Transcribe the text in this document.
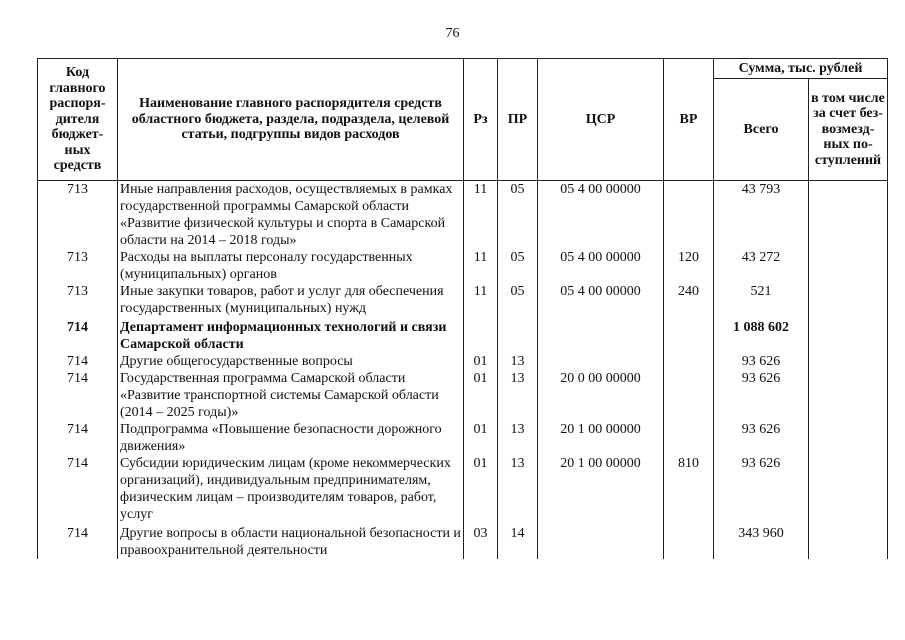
76
Код главного распоря-дителя бюджет-ных средств	Наименование главного распорядителя средств областного бюджета, раздела, подраздела, целевой статьи, подгруппы видов расходов	Рз	ПР	ЦСР	ВР	Сумма, тыс. рублей	
						Всего	в том числе за счет без-возмезд-ных по-ступлений
713	Иные направления расходов, осуществляемых в рамках государственной программы Самарской области «Развитие физической культуры и спорта в Самарской области на 2014 – 2018 годы»	11	05	05 4 00 00000		43 793	
713	Расходы на выплаты персоналу государственных (муниципальных) органов	11	05	05 4 00 00000	120	43 272	
713	Иные закупки товаров, работ и услуг для обеспечения государственных (муниципальных) нужд	11	05	05 4 00 00000	240	521	
714	Департамент информационных технологий и связи Самарской области					1 088 602	
714	Другие общегосударственные вопросы	01	13			93 626	
714	Государственная программа Самарской области «Развитие транспортной системы Самарской области (2014 – 2025 годы)»	01	13	20 0 00 00000		93 626	
714	Подпрограмма «Повышение безопасности дорожного движения»	01	13	20 1 00 00000		93 626	
714	Субсидии юридическим лицам (кроме некоммерческих организаций), индивидуальным предпринимателям, физическим лицам – производителям товаров, работ, услуг	01	13	20 1 00 00000	810	93 626	
714	Другие вопросы в области национальной безопасности и правоохранительной деятельности	03	14			343 960	
